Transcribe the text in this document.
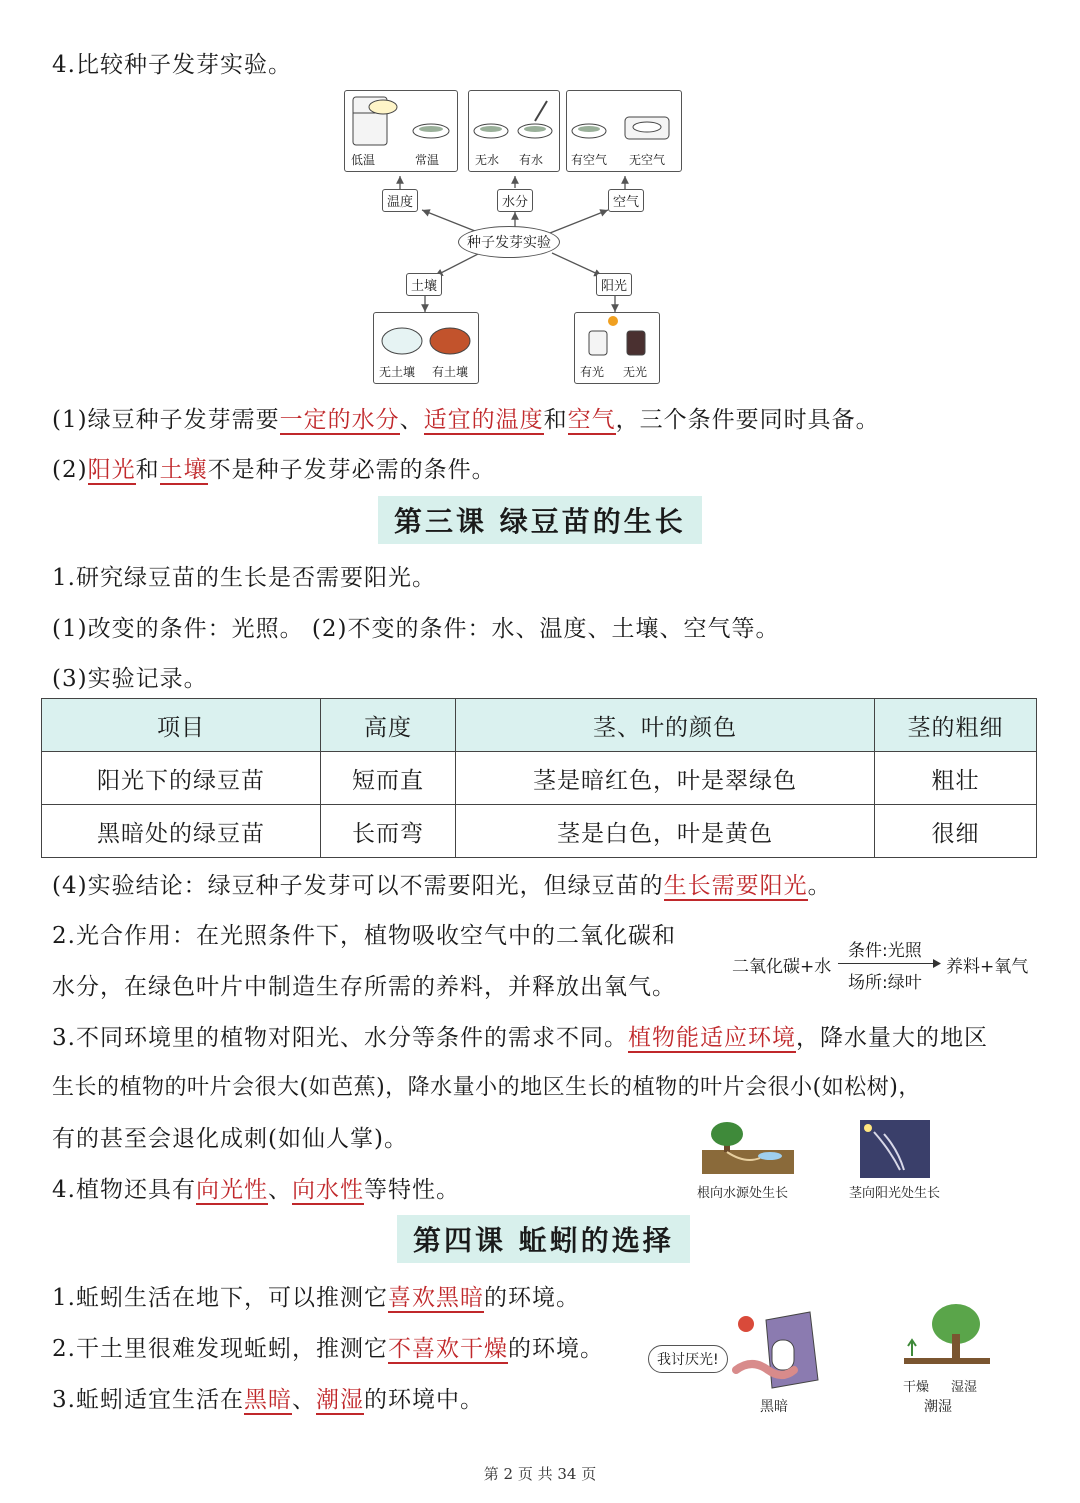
4.比较种子发芽实验。
低温	常温	无水 有水 有空气 无空气
温度	水分	空气
种子发芽实验
土壤	阳光
无土壤 有土壤	有光 无光
(1)绿豆种子发芽需要一定的水分、适宜的温度和空气，三个条件要同时具备。
(2)阳光和土壤不是种子发芽必需的条件。
第三课 绿豆苗的生长
1.研究绿豆苗的生长是否需要阳光。
(1)改变的条件：光照。 (2)不变的条件：水、温度、土壤、空气等。
(3)实验记录。
项目	高度	茎、叶的颜色	茎的粗细
阳光下的绿豆苗	短而直	茎是暗红色，叶是翠绿色	粗壮
黑暗处的绿豆苗	长而弯	茎是白色，叶是黄色	很细
(4)实验结论：绿豆种子发芽可以不需要阳光，但绿豆苗的生长需要阳光。
2.光合作用：在光照条件下，植物吸收空气中的二氧化碳和
水分，在绿色叶片中制造生存所需的养料，并释放出氧气。
二氧化碳+水
条件:光照
场所:绿叶
养料+氧气
3.不同环境里的植物对阳光、水分等条件的需求不同。植物能适应环境，降水量大的地区
生长的植物的叶片会很大(如芭蕉)，降水量小的地区生长的植物的叶片会很小(如松树)，
有的甚至会退化成刺(如仙人掌)。
4.植物还具有向光性、向水性等特性。	根向水源处生长	茎向阳光处生长
第四课 蚯蚓的选择
1.蚯蚓生活在地下，可以推测它喜欢黑暗的环境。
2.干土里很难发现蚯蚓，推测它不喜欢干燥的环境。
3.蚯蚓适宜生活在黑暗、潮湿的环境中。
我讨厌光!
黑暗
干燥 湿湿
潮湿
第 2 页 共 34 页
